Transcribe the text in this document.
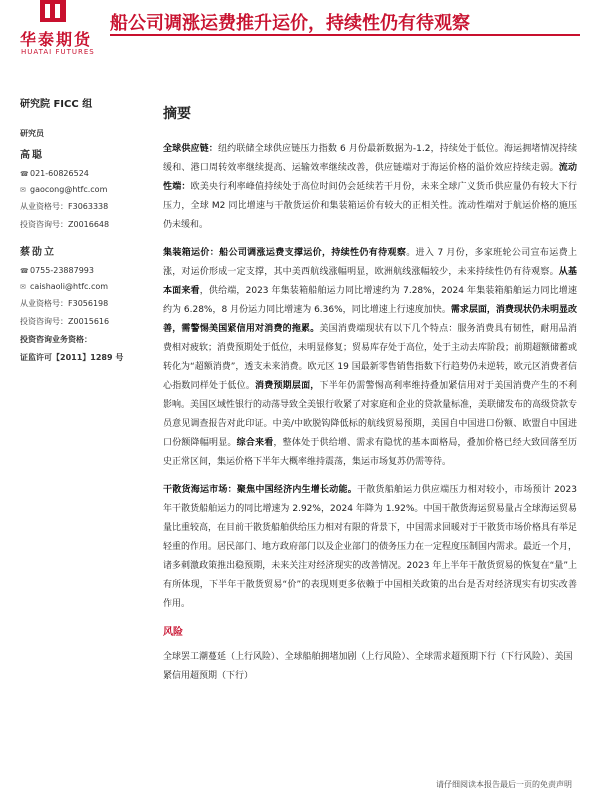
华泰期货
HUATAI FUTURES
船公司调涨运费推升运价，持续性仍有待观察
研究院 FICC 组
研究员
高聪
☎021-60826524
✉ gaocong@htfc.com
从业资格号：F3063338
投资咨询号：Z0016648
蔡劭立
☎0755-23887993
✉ caishaoli@htfc.com
从业资格号：F3056198
投资咨询号：Z0015616
投资咨询业务资格：
证监许可【2011】1289 号
摘要

全球供应链：纽约联储全球供应链压力指数 6 月份最新数据为-1.2，持续处于低位。海运拥堵情况持续缓和、港口周转效率继续提高、运输效率继续改善，供应链端对于海运价格的溢价效应持续走弱。流动性端：欧美央行利率峰值持续处于高位时间仍会延续若干月份，未来全球广义货币供应量仍有较大下行压力，全球 M2 同比增速与干散货运价和集装箱运价有较大的正相关性。流动性端对于航运价格的施压仍未缓和。

集装箱运价：船公司调涨运费支撑运价，持续性仍有待观察。进入 7 月份，多家班轮公司宣布运费上涨，对运价形成一定支撑，其中美西航线涨幅明显，欧洲航线涨幅较少，未来持续性仍有待观察。从基本面来看，供给端，2023 年集装箱船舶运力同比增速约为 7.28%，2024 年集装箱船舶运力同比增速约为 6.28%，8 月份运力同比增速为 6.36%，同比增速上行速度加快。需求层面，消费现状仍未明显改善，需警惕美国紧信用对消费的拖累。美国消费端现状有以下几个特点：服务消费具有韧性，耐用品消费相对疲软；消费预期处于低位，未明显修复；贸易库存处于高位，处于主动去库阶段；前期超额储蓄或转化为“超额消费”，透支未来消费。欧元区 19 国最新零售销售指数下行趋势仍未逆转，欧元区消费者信心指数同样处于低位。消费预期层面，下半年仍需警惕高利率维持叠加紧信用对于美国消费产生的不利影响。美国区域性银行的动荡导致全美银行收紧了对家庭和企业的贷款量标准，美联储发布的高级贷款专员意见调查报告对此印证。中美/中欧脱钩降低标的航线贸易预期，美国自中国进口份额、欧盟自中国进口份额降幅明显。综合来看，整体处于供给增、需求有隐忧的基本面格局，叠加价格已经大致回落至历史正常区间，集运价格下半年大概率维持震荡，集运市场复苏仍需等待。

干散货海运市场：聚焦中国经济内生增长动能。干散货船舶运力供应端压力相对较小，市场预计 2023 年干散货船舶运力的同比增速为 2.92%，2024 年降为 1.92%。中国干散货海运贸易量占全球海运贸易量比重较高，在目前干散货船舶供给压力相对有限的背景下，中国需求回暖对于干散货市场价格具有举足轻重的作用。居民部门、地方政府部门以及企业部门的债务压力在一定程度压制国内需求。最近一个月，诸多刺激政策推出稳预期，未来关注对经济现实的改善情况。2023 年上半年干散货贸易的恢复在“量”上有所体现，下半年干散货贸易“价”的表现则更多依赖于中国相关政策的出台是否对经济现实有切实改善作用。

风险
全球罢工潮蔓延（上行风险）、全球船舶拥堵加剧（上行风险）、全球需求超预期下行（下行风险）、美国紧信用超预期（下行）
请仔细阅读本报告最后一页的免责声明
